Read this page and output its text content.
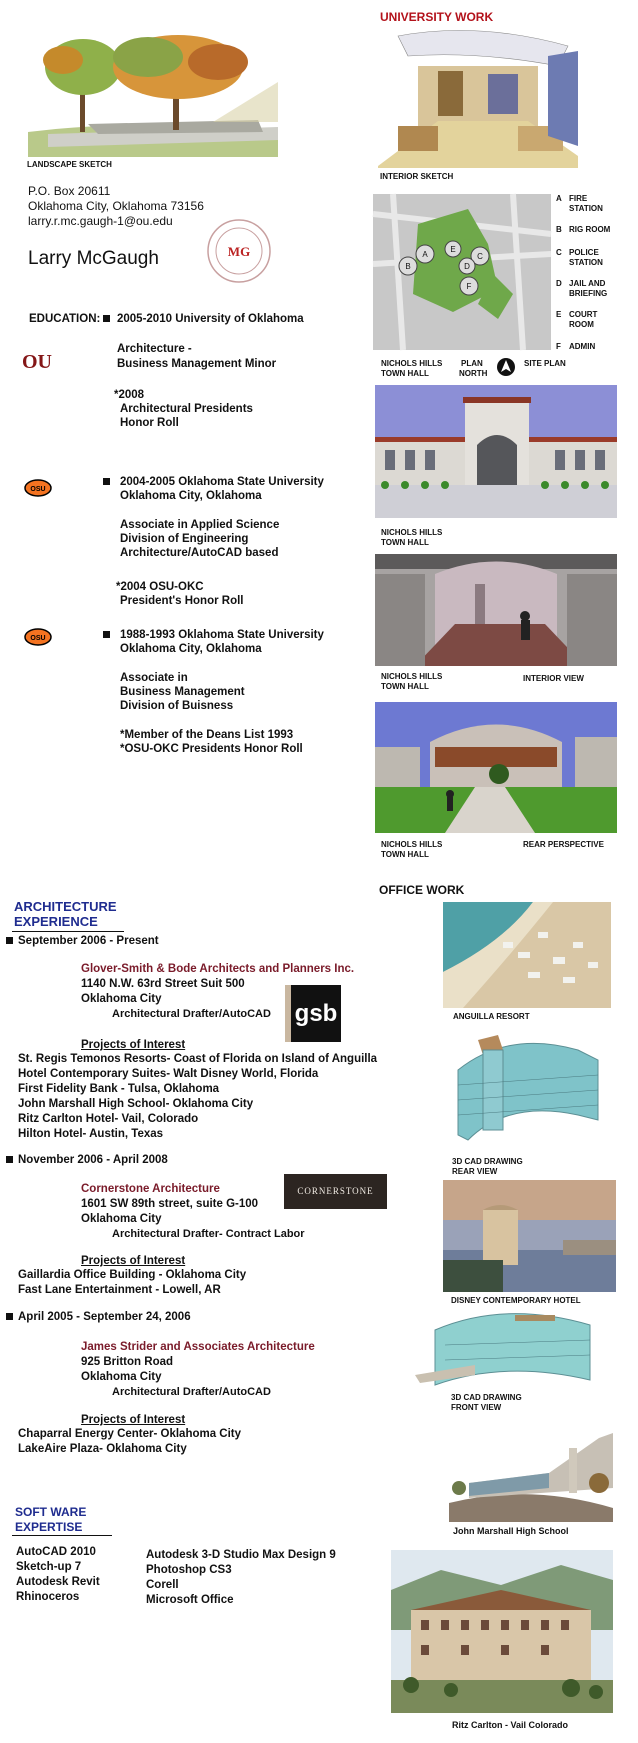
LANDSCAPE SKETCH
P.O. Box 20611
Oklahoma City, Oklahoma 73156
larry.r.mc.gaugh-1@ou.edu
Larry McGaugh	MG
EDUCATION: 2005-2010 University of Oklahoma
OU
Architecture -
Business Management Minor
*2008
Architectural Presidents
Honor Roll
OSU
2004-2005 Oklahoma State University
Oklahoma City, Oklahoma
Associate in Applied Science
Division of Engineering
Architecture/AutoCAD based
*2004 OSU-OKC
President's Honor Roll
OSU	1988-1993 Oklahoma State University
Oklahoma City, Oklahoma
Associate in
Business Management
Division of Buisness
*Member of the Deans List 1993
*OSU-OKC Presidents Honor Roll
UNIVERSITY WORK
INTERIOR SKETCH
B
A
E
C
D
F
A FIRE
STATION
B RIG ROOM
C POLICE
STATION
D JAIL AND
BRIEFING
E COURT
ROOM
F ADMIN
NICHOLS HILLS
TOWN HALL
PLAN
NORTH
SITE PLAN
NICHOLS HILLS
TOWN HALL
NICHOLS HILLS
TOWN HALL
INTERIOR VIEW
NICHOLS HILLS
TOWN HALL
REAR PERSPECTIVE
OFFICE WORK
ARCHITECTURE
EXPERIENCE
September 2006 - Present
Glover-Smith & Bode Architects and Planners Inc.
1140 N.W. 63rd Street Suit 500
Oklahoma City
Architectural Drafter/AutoCAD gsb
Projects of Interest
St. Regis Temonos Resorts- Coast of Florida on Island of Anguilla
Hotel Contemporary Suites- Walt Disney World, Florida
First Fidelity Bank - Tulsa, Oklahoma
John Marshall High School- Oklahoma City
Ritz Carlton Hotel- Vail, Colorado
Hilton Hotel- Austin, Texas
November 2006 - April 2008
Cornerstone Architecture
1601 SW 89th street, suite G-100
Oklahoma City
Architectural Drafter- Contract Labor
CORNERSTONE
Projects of Interest
Gaillardia Office Building - Oklahoma City
Fast Lane Entertainment - Lowell, AR
April 2005 - September 24, 2006
James Strider and Associates Architecture
925 Britton Road
Oklahoma City
Architectural Drafter/AutoCAD
Projects of Interest
Chaparral Energy Center- Oklahoma City
LakeAire Plaza- Oklahoma City
SOFT WARE
EXPERTISE
AutoCAD 2010
Sketch-up 7
Autodesk Revit
Rhinoceros
Autodesk 3-D Studio Max Design 9
Photoshop CS3
Corell
Microsoft Office
ANGUILLA RESORT
3D CAD DRAWING
REAR VIEW
DISNEY CONTEMPORARY HOTEL
3D CAD DRAWING
FRONT VIEW
John Marshall High School
Ritz Carlton - Vail Colorado
